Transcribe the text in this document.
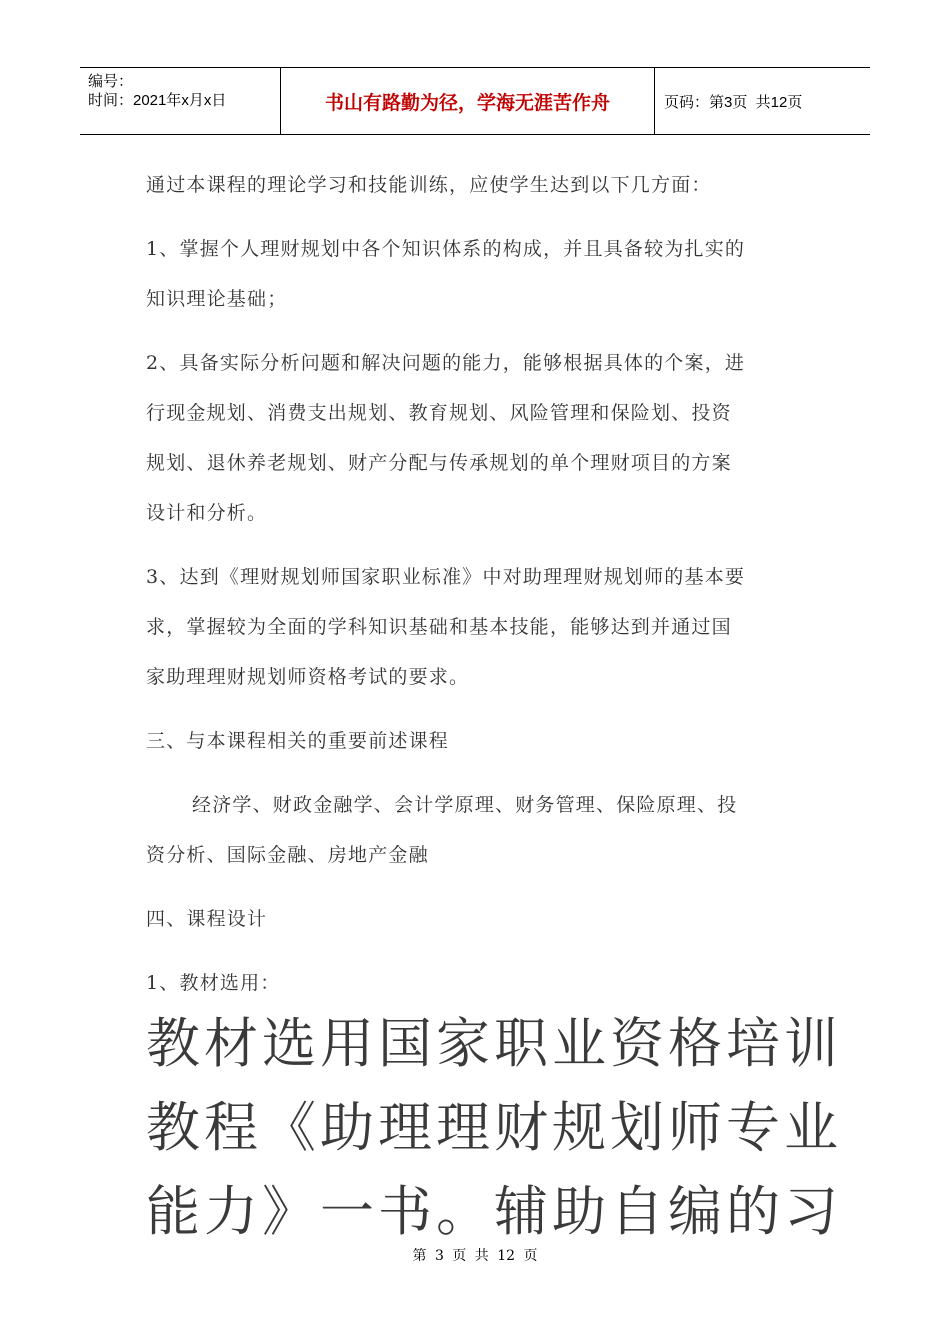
编号：
时间：2021年x月x日	书山有路勤为径，学海无涯苦作舟	页码：第3页  共12页
通过本课程的理论学习和技能训练，应使学生达到以下几方面：
1、掌握个人理财规划中各个知识体系的构成，并且具备较为扎实的
知识理论基础；
2、具备实际分析问题和解决问题的能力，能够根据具体的个案，进
行现金规划、消费支出规划、教育规划、风险管理和保险划、投资
规划、退休养老规划、财产分配与传承规划的单个理财项目的方案
设计和分析。
3、达到《理财规划师国家职业标准》中对助理理财规划师的基本要
求，掌握较为全面的学科知识基础和基本技能，能够达到并通过国
家助理理财规划师资格考试的要求。
三、与本课程相关的重要前述课程
经济学、财政金融学、会计学原理、财务管理、保险原理、投
资分析、国际金融、房地产金融
四、课程设计
1、教材选用：
教材选用国家职业资格培训
教程《助理理财规划师专业
能力》一书。辅助自编的习
第 3 页 共 12 页
